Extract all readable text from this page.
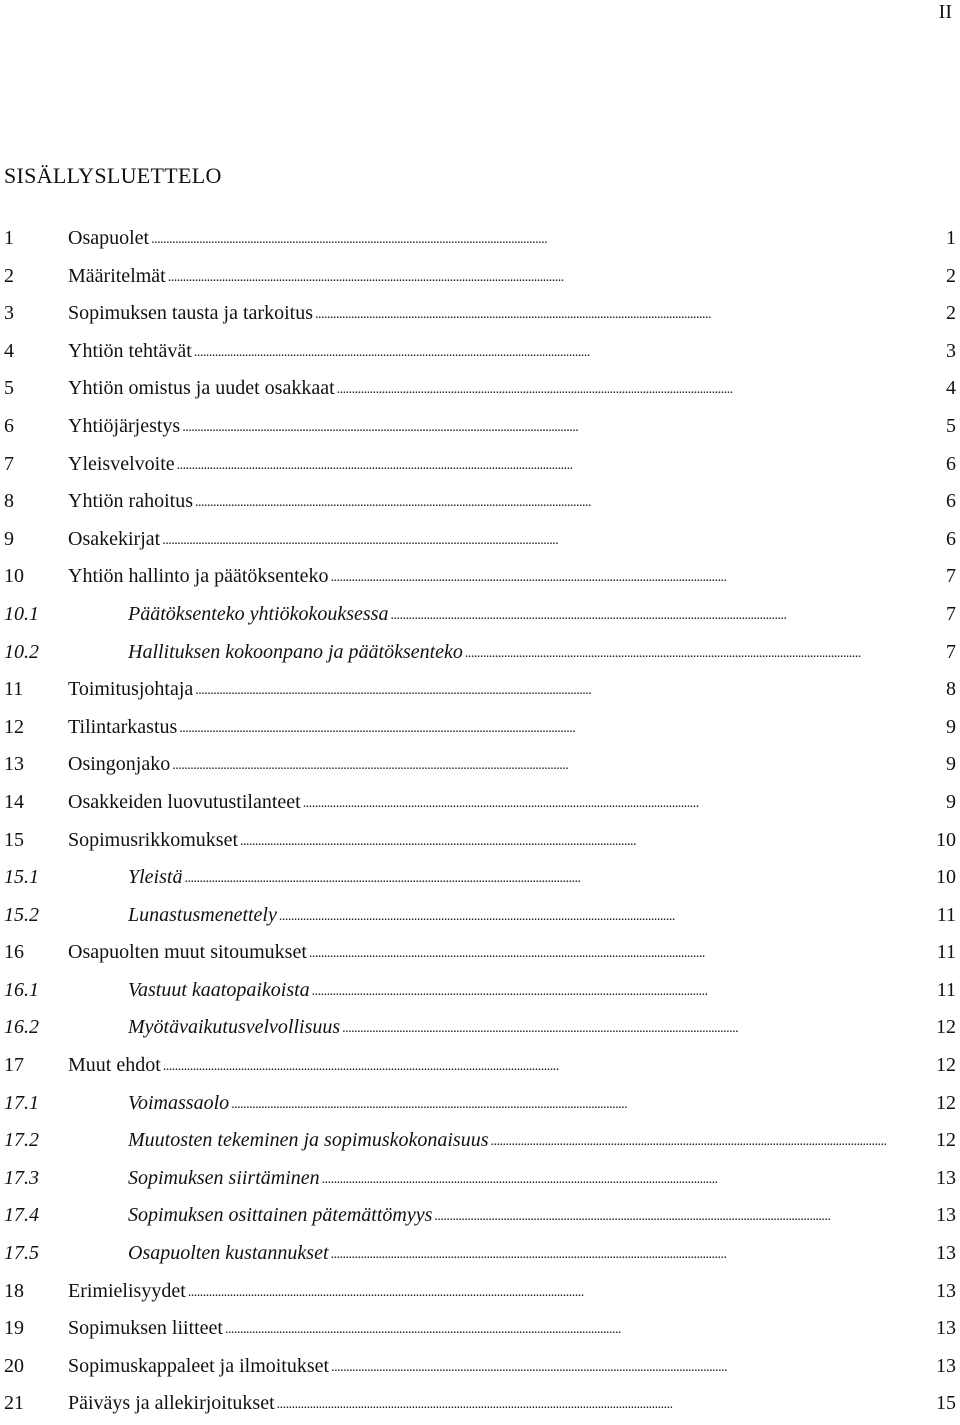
II
SISÄLLYSLUETTELO
1	Osapuolet . . .	1
2	Määritelmät . . .	2
3	Sopimuksen tausta ja tarkoitus . . .	2
4	Yhtiön tehtävät . . .	3
5	Yhtiön omistus ja uudet osakkaat . . .	4
6	Yhtiöjärjestys . . .	5
7	Yleisvelvoite . . .	6
8	Yhtiön rahoitus . . .	6
9	Osakekirjat . . .	6
10	Yhtiön hallinto ja päätöksenteko . . .	7
10.1	Päätöksenteko yhtiökokouksessa . . .	7
10.2	Hallituksen kokoonpano ja päätöksenteko . . .	7
11	Toimitusjohtaja . . .	8
12	Tilintarkastus . . .	9
13	Osingonjako . . .	9
14	Osakkeiden luovutustilanteet . . .	9
15	Sopimusrikkomukset . . .	10
15.1	Yleistä . . .	10
15.2	Lunastusmenettely . . .	11
16	Osapuolten muut sitoumukset . . .	11
16.1	Vastuut kaatopaikoista . . .	11
16.2	Myötävaikutusvelvollisuus . . .	12
17	Muut ehdot . . .	12
17.1	Voimassaolo . . .	12
17.2	Muutosten tekeminen ja sopimuskokonaisuus . . .	12
17.3	Sopimuksen siirtäminen . . .	13
17.4	Sopimuksen osittainen pätemättömyys . . .	13
17.5	Osapuolten kustannukset . . .	13
18	Erimielisyydet . . .	13
19	Sopimuksen liitteet . . .	13
20	Sopimuskappaleet ja ilmoitukset . . .	13
21	Päiväys ja allekirjoitukset . . .	15
